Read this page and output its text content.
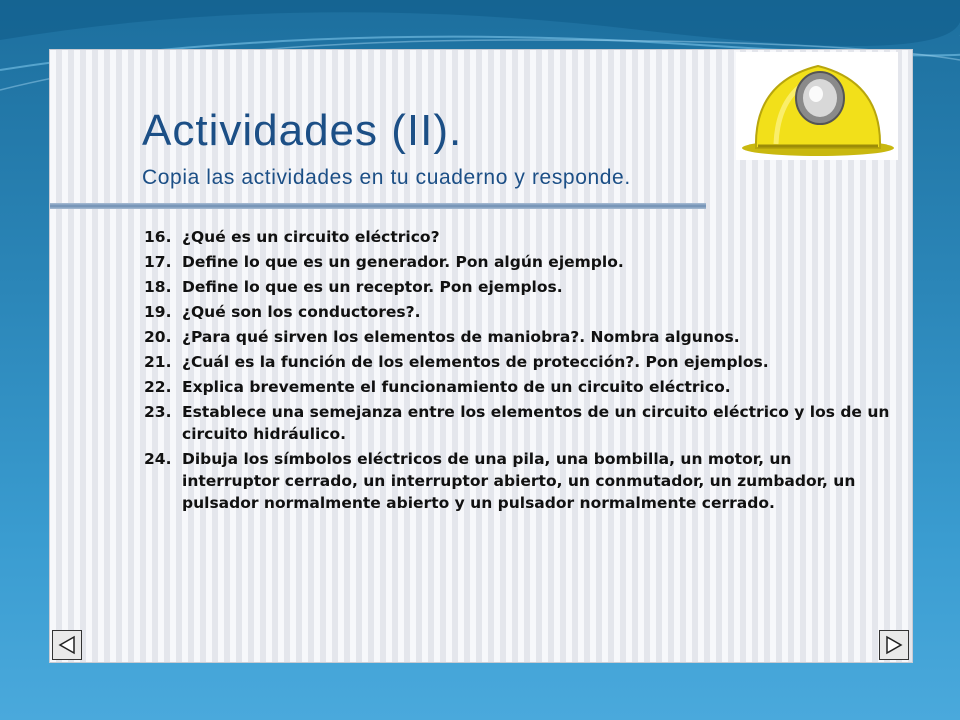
Actividades (II).
Copia las actividades en tu cuaderno y responde.
16. ¿Qué es un circuito eléctrico?
17. Define lo que es un generador. Pon algún ejemplo.
18. Define lo que es un receptor. Pon ejemplos.
19. ¿Qué son los conductores?.
20. ¿Para qué sirven los elementos de maniobra?. Nombra algunos.
21. ¿Cuál es la función de los elementos de protección?. Pon ejemplos.
22. Explica brevemente el funcionamiento de un circuito eléctrico.
23. Establece una semejanza entre los elementos de un circuito eléctrico y los de un circuito hidráulico.
24. Dibuja los símbolos eléctricos de una pila, una bombilla, un motor, un interruptor cerrado, un interruptor abierto, un conmutador, un zumbador, un pulsador normalmente abierto y un pulsador normalmente cerrado.
